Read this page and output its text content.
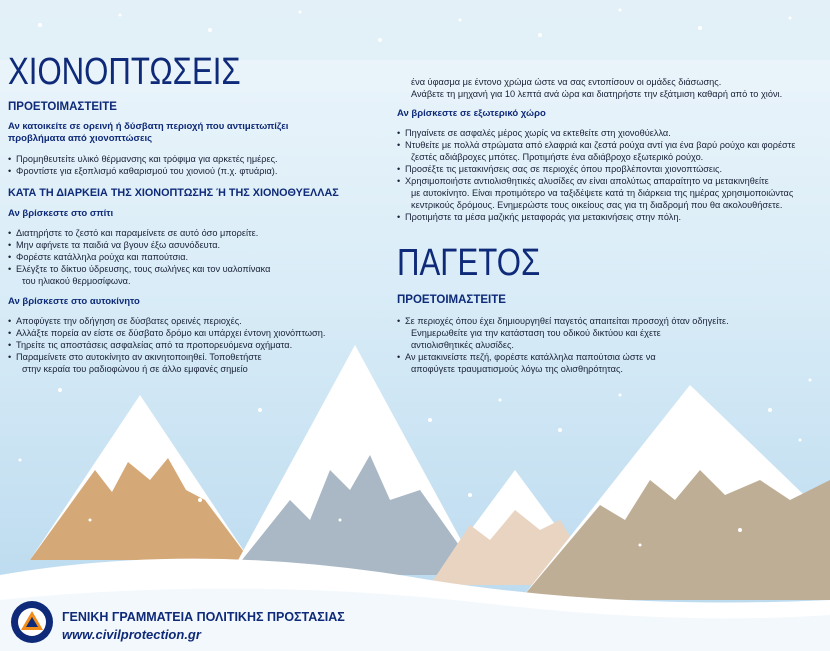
ΧΙΟΝΟΠΤΩΣΕΙΣ

ΠΡΟΕΤΟΙΜΑΣΤΕΙΤΕ

Αν κατοικείτε σε ορεινή ή δύσβατη περιοχή που αντιμετωπίζει προβλήματα από χιονοπτώσεις

• Προμηθευτείτε υλικό θέρμανσης και τρόφιμα για αρκετές ημέρες.
• Φροντίστε για εξοπλισμό καθαρισμού του χιονιού (π.χ. φτυάρια).

ΚΑΤΑ ΤΗ ΔΙΑΡΚΕΙΑ ΤΗΣ ΧΙΟΝΟΠΤΩΣΗΣ Ή ΤΗΣ ΧΙΟΝΟΘΥΕΛΛΑΣ

Αν βρίσκεστε στο σπίτι

• Διατηρήστε το ζεστό και παραμείνετε σε αυτό όσο μπορείτε.
• Μην αφήνετε τα παιδιά να βγουν έξω ασυνόδευτα.
• Φορέστε κατάλληλα ρούχα και παπούτσια.
• Ελέγξτε το δίκτυο ύδρευσης, τους σωλήνες και τον υαλοπίνακα
του ηλιακού θερμοσίφωνα.

Αν βρίσκεστε στο αυτοκίνητο

• Αποφύγετε την οδήγηση σε δύσβατες ορεινές περιοχές.
• Αλλάξτε πορεία αν είστε σε δύσβατο δρόμο και υπάρχει έντονη χιονόπτωση.
• Τηρείτε τις αποστάσεις ασφαλείας από τα προπορευόμενα οχήματα.
• Παραμείνετε στο αυτοκίνητο αν ακινητοποιηθεί. Τοποθετήστε
στην κεραία του ραδιοφώνου ή σε άλλο εμφανές σημείο
ένα ύφασμα με έντονο χρώμα ώστε να σας εντοπίσουν οι ομάδες διάσωσης.
Ανάβετε τη μηχανή για 10 λεπτά ανά ώρα και διατηρήστε την εξάτμιση καθαρή από το χιόνι.

Αν βρίσκεστε σε εξωτερικό χώρο

• Πηγαίνετε σε ασφαλές μέρος χωρίς να εκτεθείτε στη χιονοθύελλα.
• Ντυθείτε με πολλά στρώματα από ελαφριά και ζεστά ρούχα αντί για ένα βαρύ ρούχο και φορέστε
ζεστές αδιάβροχες μπότες. Προτιμήστε ένα αδιάβροχο εξωτερικό ρούχο.
• Προσέξτε τις μετακινήσεις σας σε περιοχές όπου προβλέπονται χιονοπτώσεις.
• Χρησιμοποιήστε αντιολισθητικές αλυσίδες αν είναι απολύτως απαραίτητο να μετακινηθείτε
με αυτοκίνητο. Είναι προτιμότερο να ταξιδέψετε κατά τη διάρκεια της ημέρας χρησιμοποιώντας
κεντρικούς δρόμους. Ενημερώστε τους οικείους σας για τη διαδρομή που θα ακολουθήσετε.
• Προτιμήστε τα μέσα μαζικής μεταφοράς για μετακινήσεις στην πόλη.
ΠΑΓΕΤΟΣ

ΠΡΟΕΤΟΙΜΑΣΤΕΙΤΕ

• Σε περιοχές όπου έχει δημιουργηθεί παγετός απαιτείται προσοχή όταν οδηγείτε.
Ενημερωθείτε για την κατάσταση του οδικού δικτύου και έχετε
αντιολισθητικές αλυσίδες.
• Αν μετακινείστε πεζή, φορέστε κατάλληλα παπούτσια ώστε να
αποφύγετε τραυματισμούς λόγω της ολισθηρότητας.
ΓΕΝΙΚΗ ΓΡΑΜΜΑΤΕΙΑ ΠΟΛΙΤΙΚΗΣ ΠΡΟΣΤΑΣΙΑΣ
www.civilprotection.gr
